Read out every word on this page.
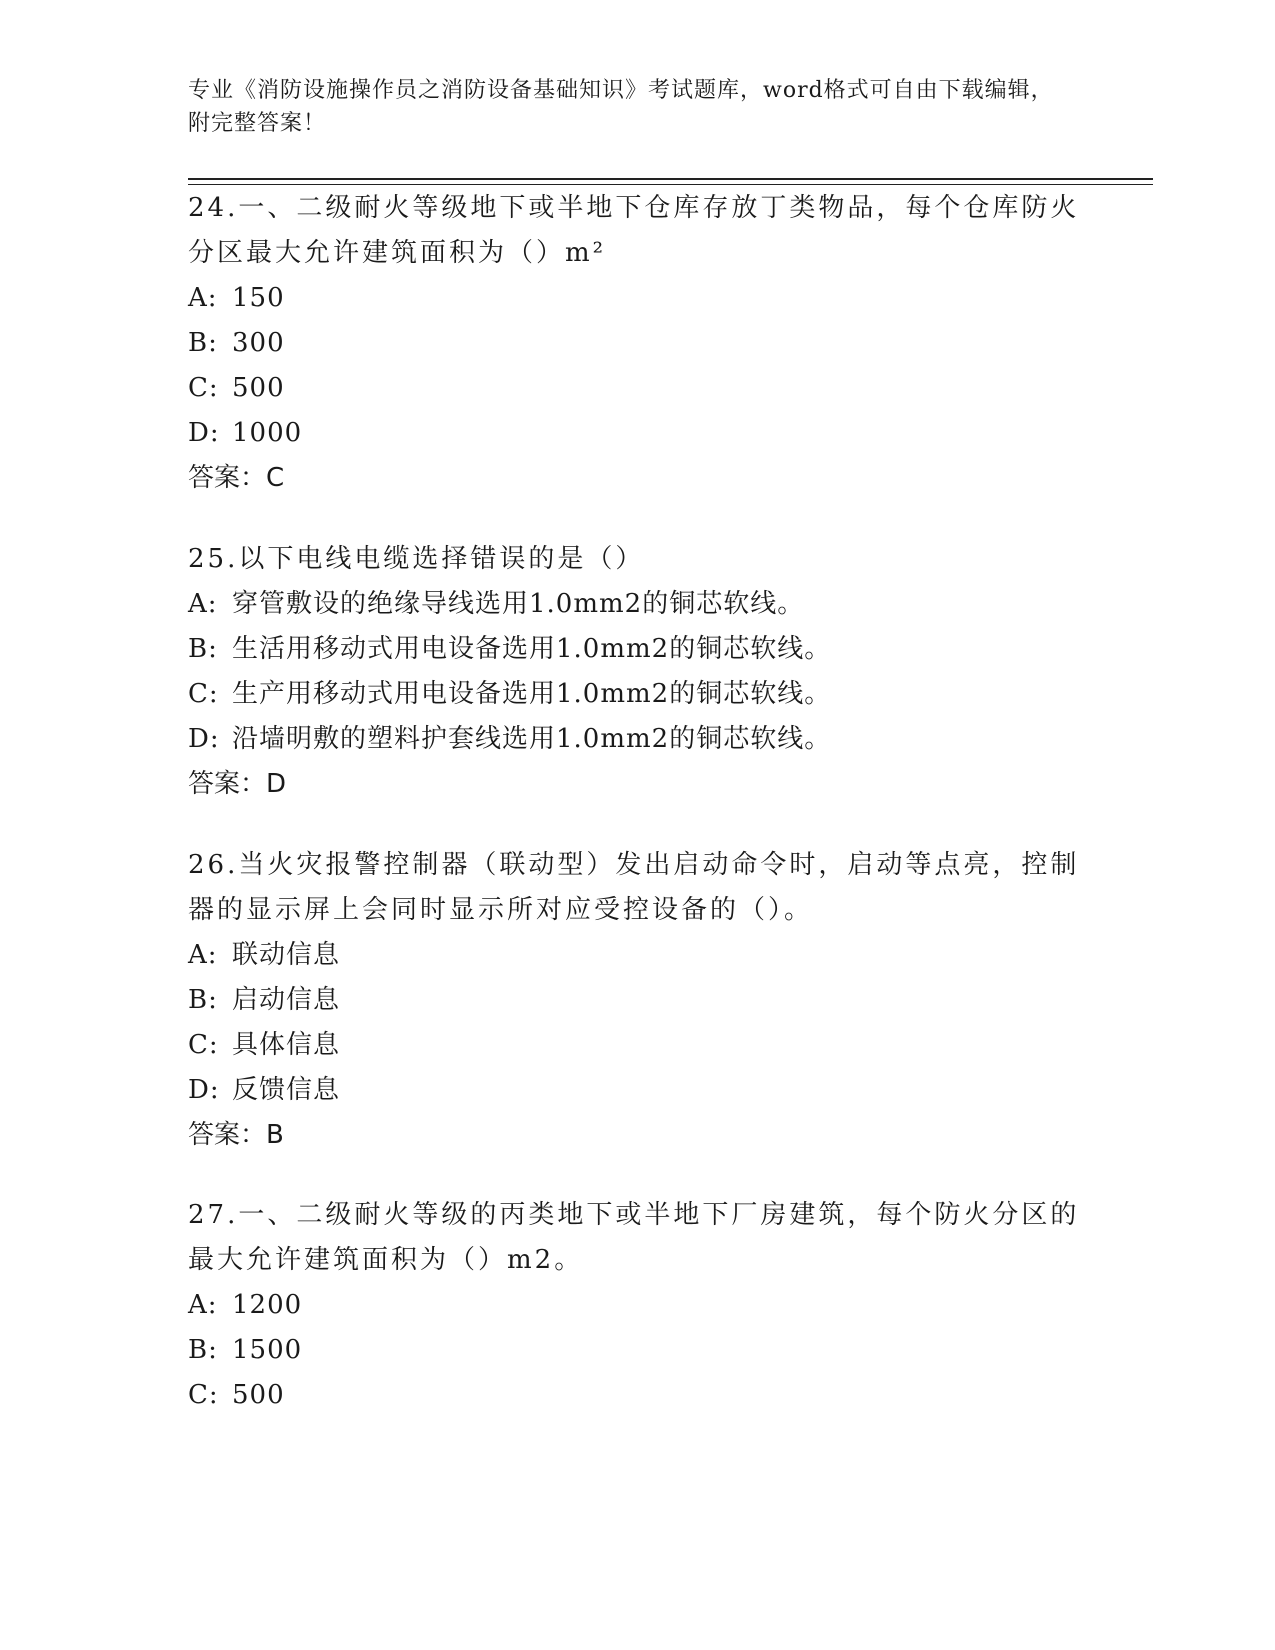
专业《消防设施操作员之消防设备基础知识》考试题库，word格式可自由下载编辑，附完整答案！
24.一、二级耐火等级地下或半地下仓库存放丁类物品，每个仓库防火分区最大允许建筑面积为（）m²
A: 150
B: 300
C: 500
D: 1000
答案：C
25.以下电线电缆选择错误的是（）
A: 穿管敷设的绝缘导线选用1.0mm2的铜芯软线。
B: 生活用移动式用电设备选用1.0mm2的铜芯软线。
C: 生产用移动式用电设备选用1.0mm2的铜芯软线。
D: 沿墙明敷的塑料护套线选用1.0mm2的铜芯软线。
答案：D
26.当火灾报警控制器（联动型）发出启动命令时，启动等点亮，控制器的显示屏上会同时显示所对应受控设备的（）。
A: 联动信息
B: 启动信息
C: 具体信息
D: 反馈信息
答案：B
27.一、二级耐火等级的丙类地下或半地下厂房建筑，每个防火分区的最大允许建筑面积为（）m2。
A: 1200
B: 1500
C: 500
